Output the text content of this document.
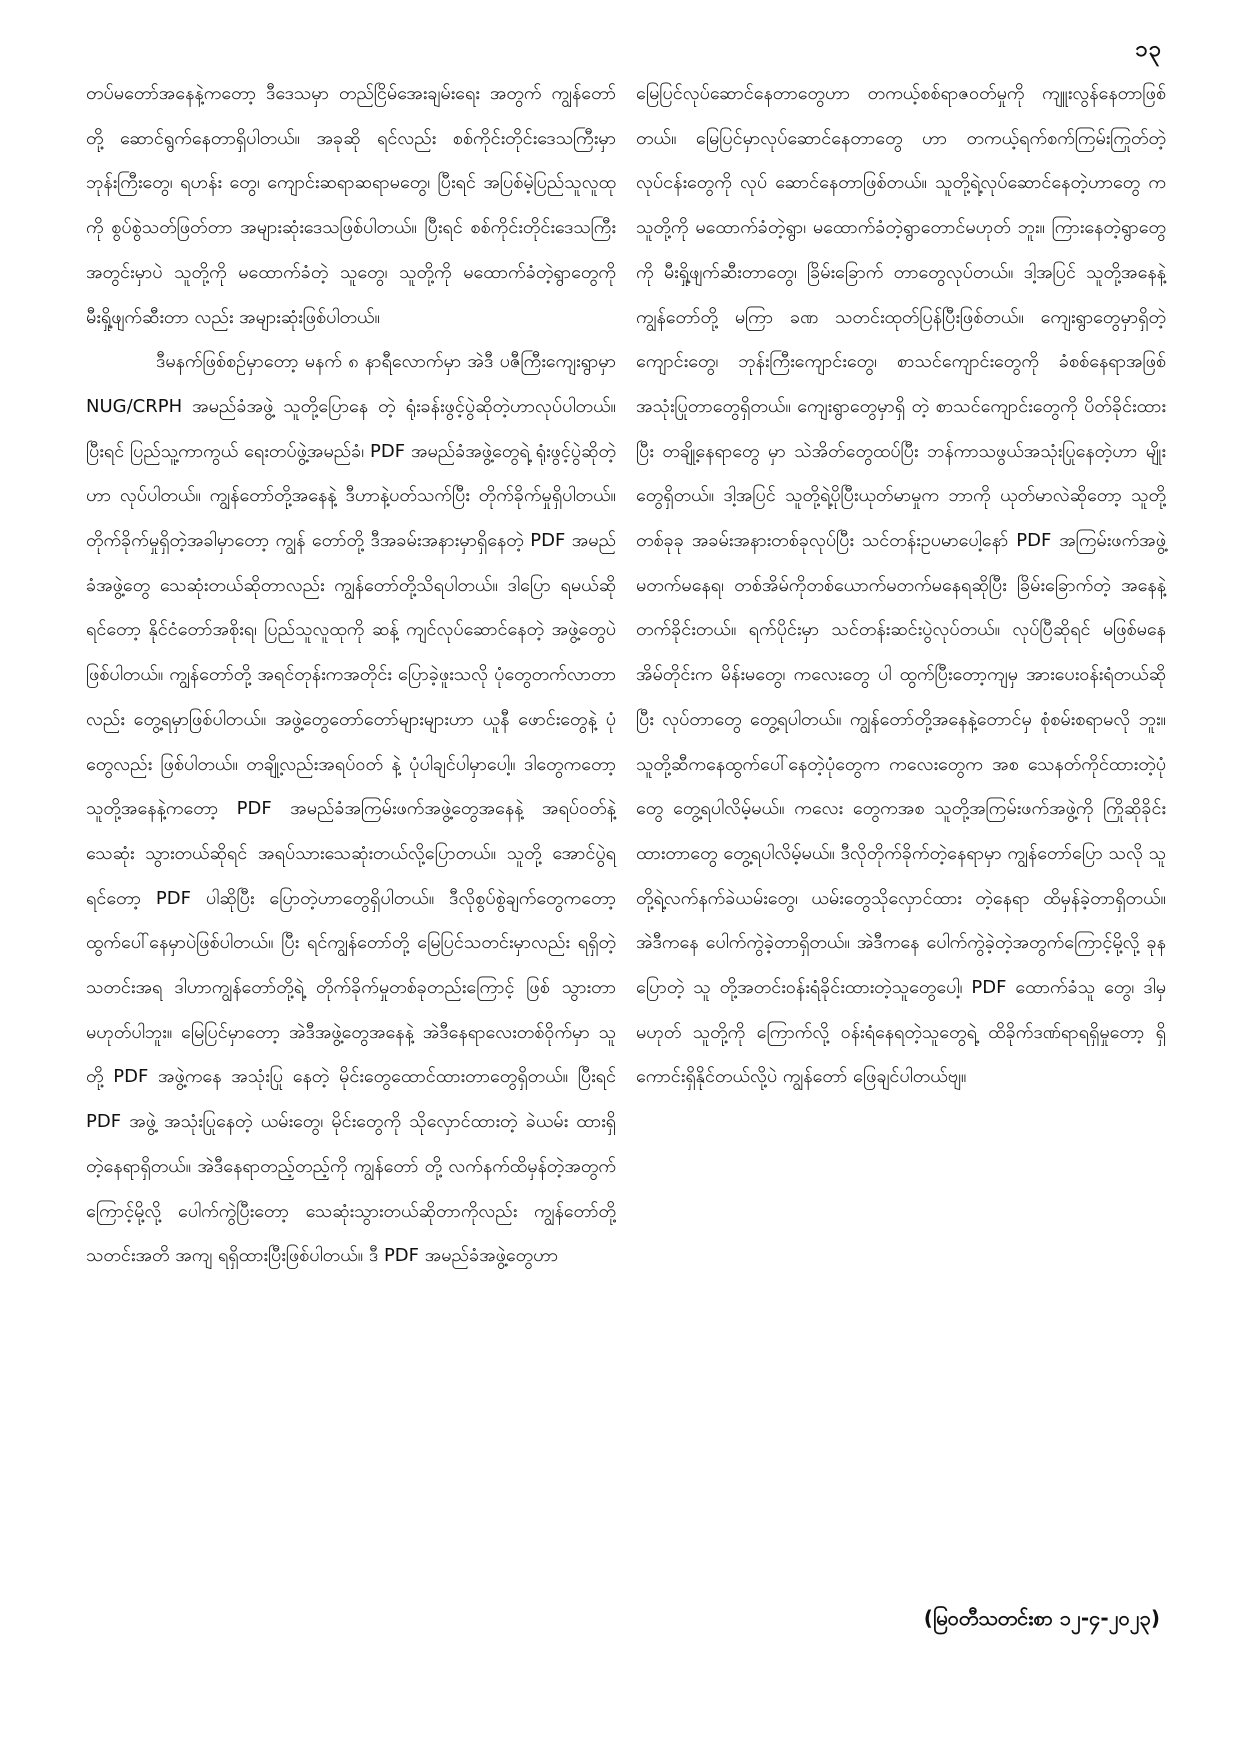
၁၃

တပ်မတော်အနေနဲ့ကတော့ ဒီဒေသမှာ တည်ငြိမ်အေးချမ်းရေး အတွက် ကျွန်တော်တို့ ဆောင်ရွက်နေတာရှိပါတယ်။ အခုဆို ရင်လည်း စစ်ကိုင်းတိုင်းဒေသကြီးမှာ ဘုန်းကြီးတွေ၊ ရဟန်း တွေ၊ ကျောင်းဆရာဆရာမတွေ၊ ပြီးရင် အပြစ်မဲ့ပြည်သူလူထု ကို စွပ်စွဲသတ်ဖြတ်တာ အများဆုံးဒေသဖြစ်ပါတယ်။ ပြီးရင် စစ်ကိုင်းတိုင်းဒေသကြီးအတွင်းမှာပဲ သူတို့ကို မထောက်ခံတဲ့ သူတွေ၊ သူတို့ကို မထောက်ခံတဲ့ရွာတွေကို မီးရှို့ဖျက်ဆီးတာ လည်း အများဆုံးဖြစ်ပါတယ်။

ဒီမနက်ဖြစ်စဉ်မှာတော့ မနက် ၈ နာရီလောက်မှာ အဲဒီ ပဇီကြီးကျေးရွာမှာ NUG/CRPH အမည်ခံအဖွဲ့ သူတို့ပြောနေ တဲ့ ရုံးခန်းဖွင့်ပွဲဆိုတဲ့ဟာလုပ်ပါတယ်။ ပြီးရင် ပြည်သူ့ကာကွယ် ရေးတပ်ဖွဲ့အမည်ခံ၊ PDF အမည်ခံအဖွဲ့တွေရဲ့ ရုံးဖွင့်ပွဲဆိုတဲ့ ဟာ လုပ်ပါတယ်။ ကျွန်တော်တို့အနေနဲ့ ဒီဟာနဲ့ပတ်သက်ပြီး တိုက်ခိုက်မှုရှိပါတယ်။ တိုက်ခိုက်မှုရှိတဲ့အခါမှာတော့ ကျွန် တော်တို့ ဒီအခမ်းအနားမှာရှိနေတဲ့ PDF အမည်ခံအဖွဲ့တွေ သေဆုံးတယ်ဆိုတာလည်း ကျွန်တော်တို့သိရပါတယ်။ ဒါပြော ရမယ်ဆိုရင်တော့ နိုင်ငံတော်အစိုးရ၊ ပြည်သူလူထုကို ဆန့် ကျင်လုပ်ဆောင်နေတဲ့ အဖွဲ့တွေပဲဖြစ်ပါတယ်။ ကျွန်တော်တို့ အရင်တုန်းကအတိုင်း ပြောခဲ့ဖူးသလို ပုံတွေတက်လာတာလည်း တွေ့ရမှာဖြစ်ပါတယ်။ အဖွဲ့တွေတော်တော်များများဟာ ယူနီ ဖောင်းတွေနဲ့ ပုံတွေလည်း ဖြစ်ပါတယ်။ တချို့လည်းအရပ်ဝတ် နဲ့ ပုံပါချင်ပါမှာပေါ့။ ဒါတွေကတော့ သူတို့အနေနဲ့ကတော့ PDF အမည်ခံအကြမ်းဖက်အဖွဲ့တွေအနေနဲ့ အရပ်ဝတ်နဲ့သေဆုံး သွားတယ်ဆိုရင် အရပ်သားသေဆုံးတယ်လို့ပြောတယ်။ သူတို့ အောင်ပွဲရရင်တော့ PDF ပါဆိုပြီး ပြောတဲ့ဟာတွေရှိပါတယ်။ ဒီလိုစွပ်စွဲချက်တွေကတော့ ထွက်ပေါ်နေမှာပဲဖြစ်ပါတယ်။ ပြီး ရင်ကျွန်တော်တို့ မြေပြင်သတင်းမှာလည်း ရရှိတဲ့သတင်းအရ ဒါဟာကျွန်တော်တို့ရဲ့ တိုက်ခိုက်မှုတစ်ခုတည်းကြောင့် ဖြစ် သွားတာမဟုတ်ပါဘူး။ မြေပြင်မှာတော့ အဲဒီအဖွဲ့တွေအနေနဲ့ အဲဒီနေရာလေးတစ်ဝိုက်မှာ သူတို့ PDF အဖွဲ့ကနေ အသုံးပြု နေတဲ့ မိုင်းတွေထောင်ထားတာတွေရှိတယ်။ ပြီးရင် PDF အဖွဲ့ အသုံးပြုနေတဲ့ ယမ်းတွေ၊ မိုင်းတွေကို သိုလှောင်ထားတဲ့ ခဲယမ်း ထားရှိတဲ့နေရာရှိတယ်။ အဲဒီနေရာတည့်တည့်ကို ကျွန်တော် တို့ လက်နက်ထိမှန်တဲ့အတွက်ကြောင့်မို့လို့ ပေါက်ကွဲပြီးတော့ သေဆုံးသွားတယ်ဆိုတာကိုလည်း ကျွန်တော်တို့ သတင်းအတိ အကျ ရရှိထားပြီးဖြစ်ပါတယ်။ ဒီ PDF အမည်ခံအဖွဲ့တွေဟာ

မြေပြင်လုပ်ဆောင်နေတာတွေဟာ တကယ့်စစ်ရာဇဝတ်မှုကို ကျူးလွန်နေတာဖြစ်တယ်။ မြေပြင်မှာလုပ်ဆောင်နေတာတွေ ဟာ တကယ့်ရက်စက်ကြမ်းကြုတ်တဲ့လုပ်ငန်းတွေကို လုပ် ဆောင်နေတာဖြစ်တယ်။ သူတို့ရဲ့လုပ်ဆောင်နေတဲ့ဟာတွေ က သူတို့ကို မထောက်ခံတဲ့ရွာ၊ မထောက်ခံတဲ့ရွာတောင်မဟုတ် ဘူး။ ကြားနေတဲ့ရွာတွေကို မီးရှို့ဖျက်ဆီးတာတွေ၊ ခြိမ်းခြောက် တာတွေလုပ်တယ်။ ဒါ့အပြင် သူတို့အနေနဲ့ ကျွန်တော်တို့ မကြာ ခဏ သတင်းထုတ်ပြန်ပြီးဖြစ်တယ်။ ကျေးရွာတွေမှာရှိတဲ့ ကျောင်းတွေ၊ ဘုန်းကြီးကျောင်းတွေ၊ စာသင်ကျောင်းတွေကို ခံစစ်နေရာအဖြစ် အသုံးပြုတာတွေရှိတယ်။ ကျေးရွာတွေမှာရှိ တဲ့ စာသင်ကျောင်းတွေကို ပိတ်ခိုင်းထားပြီး တချို့နေရာတွေ မှာ သဲအိတ်တွေထပ်ပြီး ဘန်ကာသဖွယ်အသုံးပြုနေတဲ့ဟာ မျိုးတွေရှိတယ်။ ဒါ့အပြင် သူတို့ရဲ့ပိုပြီးယုတ်မာမှုက ဘာကို ယုတ်မာလဲဆိုတော့ သူတို့တစ်ခုခု အခမ်းအနားတစ်ခုလုပ်ပြီး သင်တန်းဥပမာပေါ့နော် PDF အကြမ်းဖက်အဖွဲ့ မတက်မနေရ၊ တစ်အိမ်ကိုတစ်ယောက်မတက်မနေရဆိုပြီး ခြိမ်းခြောက်တဲ့ အနေနဲ့ တက်ခိုင်းတယ်။ ရက်ပိုင်းမှာ သင်တန်းဆင်းပွဲလုပ်တယ်။ လုပ်ပြီဆိုရင် မဖြစ်မနေ အိမ်တိုင်းက မိန်းမတွေ၊ ကလေးတွေ ပါ ထွက်ပြီးတော့ကျမှ အားပေးဝန်းရံတယ်ဆိုပြီး လုပ်တာတွေ တွေ့ရပါတယ်။ ကျွန်တော်တို့အနေနဲ့တောင်မှ စုံစမ်းစရာမလို ဘူး။ သူတို့ဆီကနေထွက်ပေါ်နေတဲ့ပုံတွေက ကလေးတွေက အစ သေနတ်ကိုင်ထားတဲ့ပုံတွေ တွေ့ရပါလိမ့်မယ်။ ကလေး တွေကအစ သူတို့အကြမ်းဖက်အဖွဲ့ကို ကြိုဆိုခိုင်းထားတာတွေ တွေ့ရပါလိမ့်မယ်။ ဒီလိုတိုက်ခိုက်တဲ့နေရာမှာ ကျွန်တော်ပြော သလို သူတို့ရဲ့လက်နက်ခဲယမ်းတွေ၊ ယမ်းတွေသိုလှောင်ထား တဲ့နေရာ ထိမှန်ခဲ့တာရှိတယ်။ အဲဒီကနေ ပေါက်ကွဲခဲ့တာရှိတယ်။ အဲဒီကနေ ပေါက်ကွဲခဲ့တဲ့အတွက်ကြောင့်မို့လို့ ခုနပြောတဲ့ သူ တို့အတင်းဝန်းရံခိုင်းထားတဲ့သူတွေပေါ့၊ PDF ထောက်ခံသူ တွေ၊ ဒါမှမဟုတ် သူတို့ကို ကြောက်လို့ ဝန်းရံနေရတဲ့သူတွေရဲ့ ထိခိုက်ဒဏ်ရာရရှိမှုတော့ ရှိကောင်းရှိနိုင်တယ်လို့ပဲ ကျွန်တော် ဖြေချင်ပါတယ်ဗျ။

(မြဝတီသတင်းစာ ၁၂-၄-၂၀၂၃)
